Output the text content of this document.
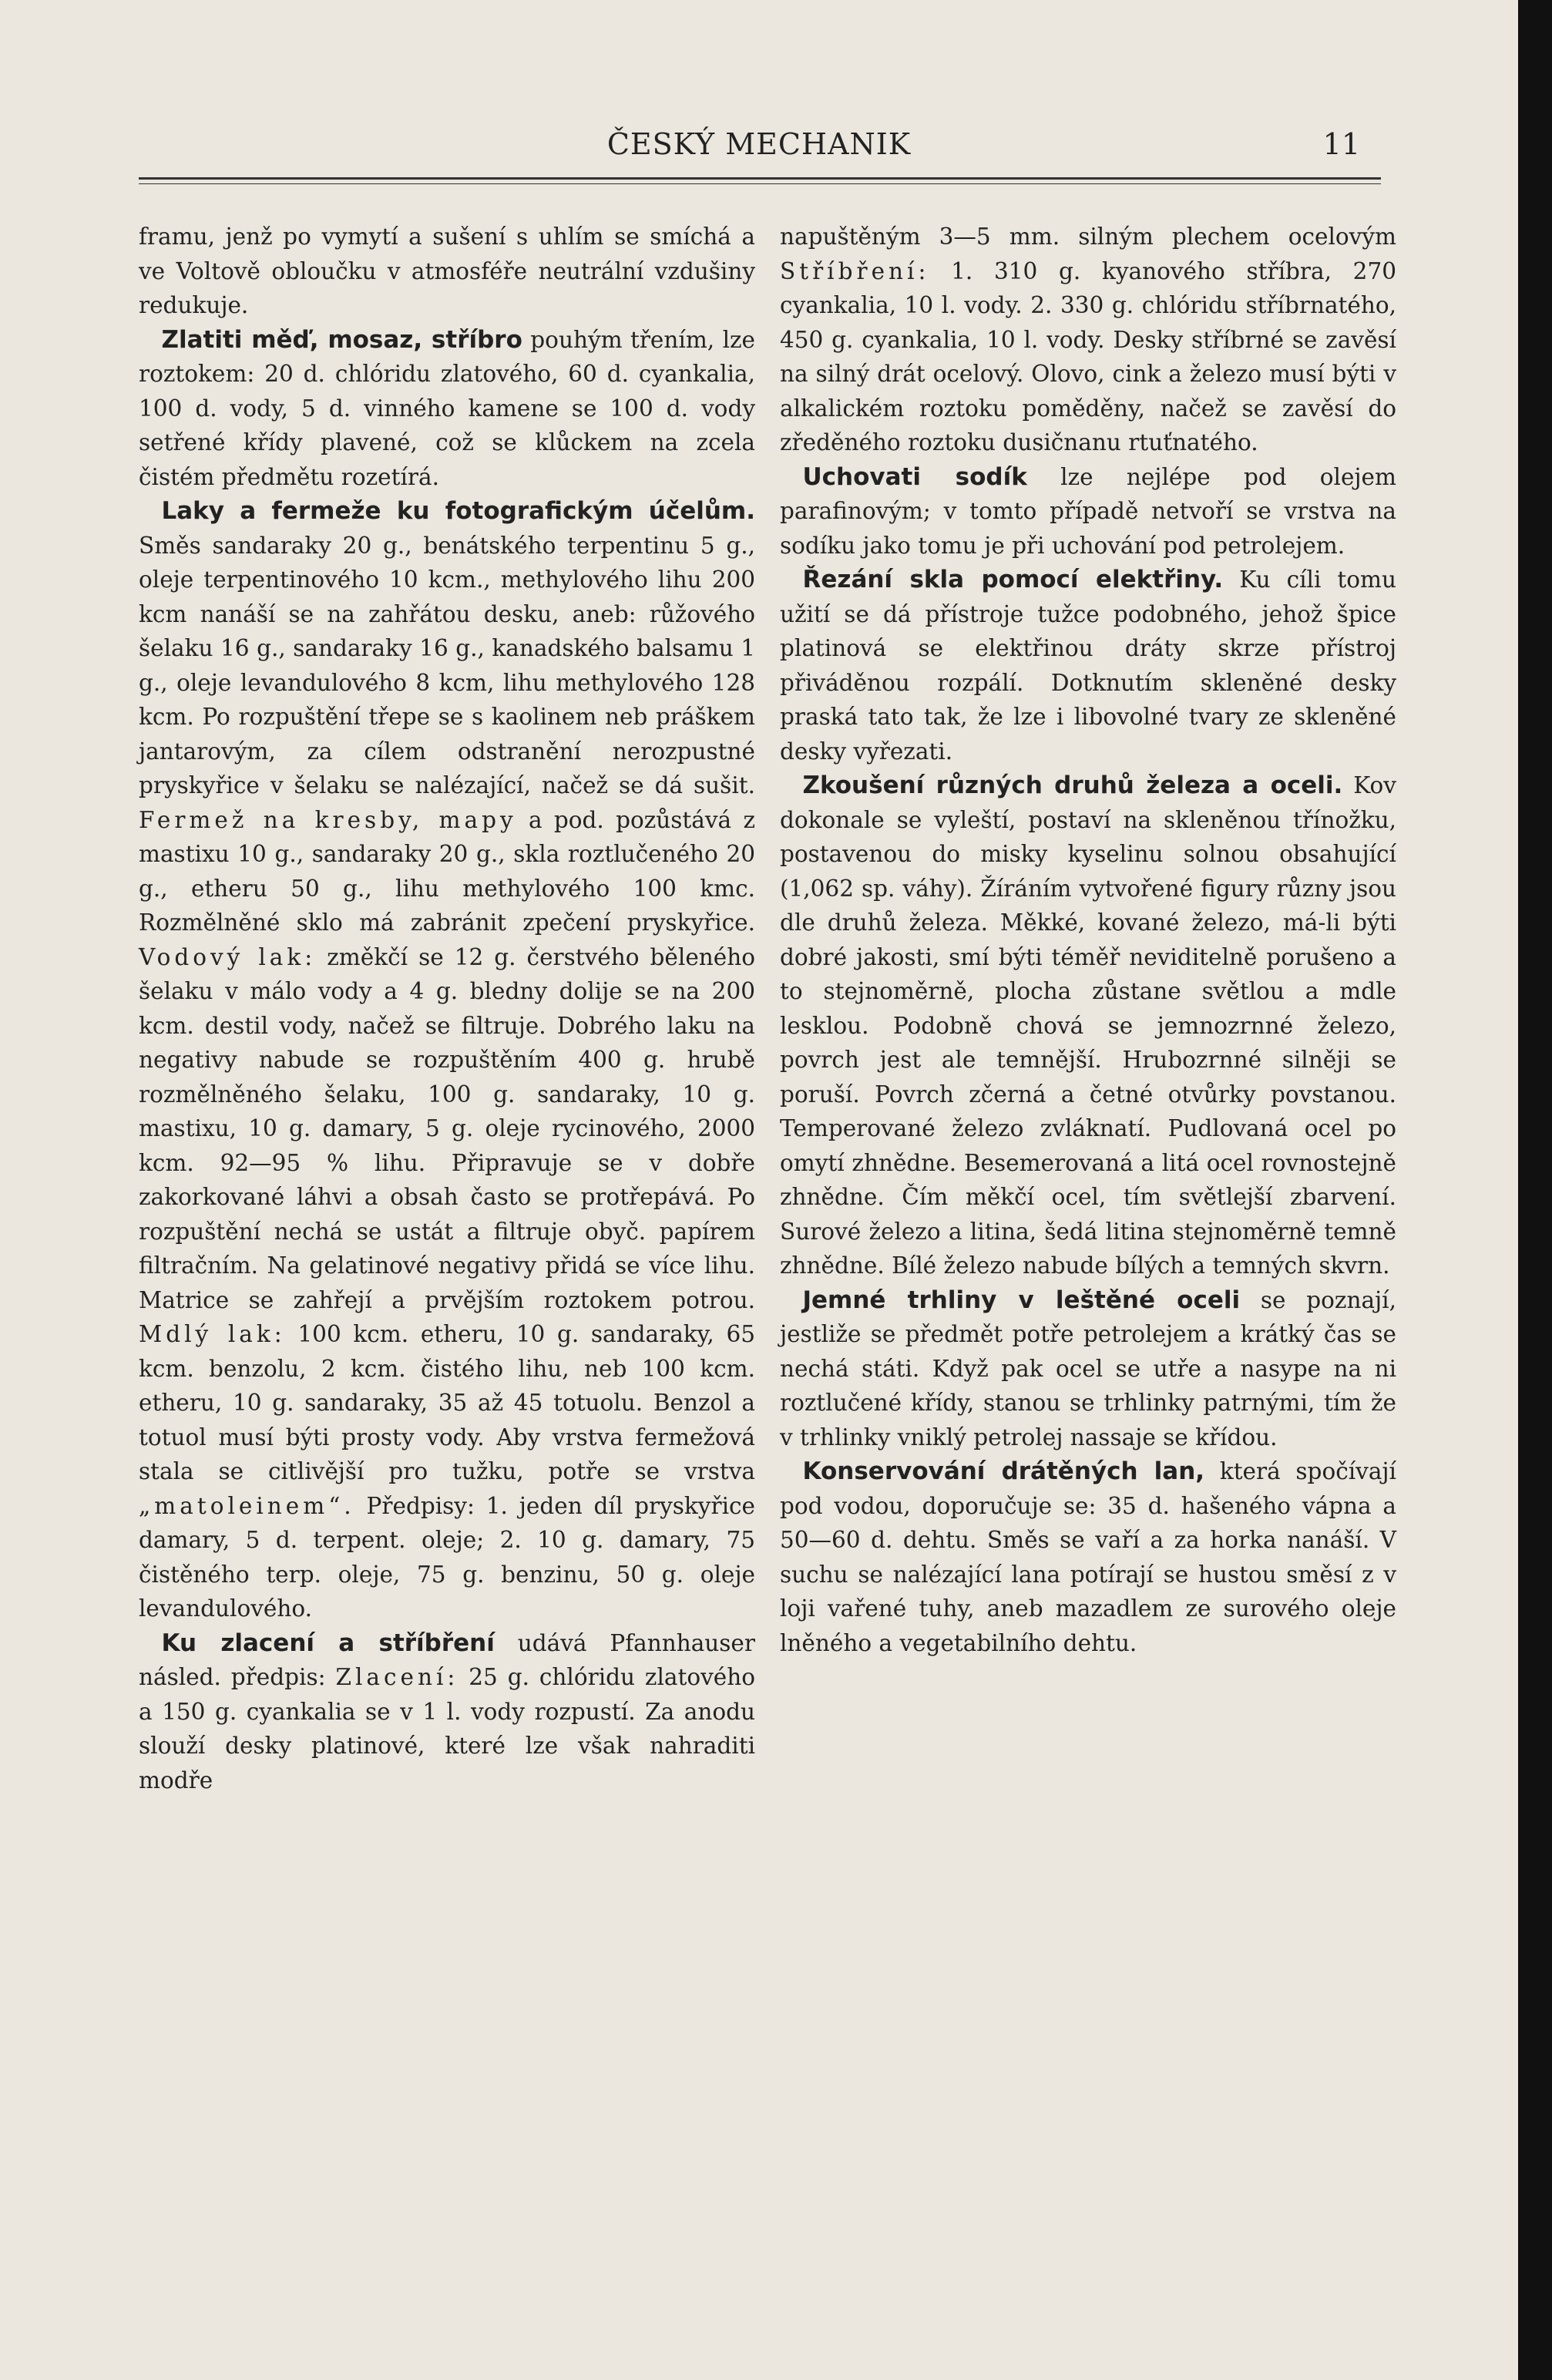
ČESKÝ MECHANIK	11

framu, jenž po vymytí a sušení s uhlím se smíchá a ve Voltově obloučku v atmosféře neutrální vzdušiny redukuje.

 Zlatiti měď, mosaz, stříbro pouhým třením, lze roztokem: 20 d. chlóridu zlatového, 60 d. cyankalia, 100 d. vody, 5 d. vinného kamene se 100 d. vody setřené křídy plavené, což se klůckem na zcela čistém předmětu rozetírá.

 Laky a fermeže ku fotografickým účelům. Směs sandaraky 20 g., benátského terpentinu 5 g., oleje terpentinového 10 kcm., methylového lihu 200 kcm nanáší se na zahřátou desku, aneb: růžového šelaku 16 g., sandaraky 16 g., kanadského balsamu 1 g., oleje levandulového 8 kcm, lihu methylového 128 kcm. Po rozpuštění třepe se s kaolinem neb práškem jantarovým, za cílem odstranění nerozpustné pryskyřice v šelaku se nalézající, načež se dá sušit. Fermež na kresby, mapy a pod. pozůstává z mastixu 10 g., sandaraky 20 g., skla roztlučeného 20 g., etheru 50 g., lihu methylového 100 kmc. Rozmělněné sklo má zabránit zpečení pryskyřice. Vodový lak: změkčí se 12 g. čerstvého běleného šelaku v málo vody a 4 g. bledny dolije se na 200 kcm. destil vody, načež se filtruje. Dobrého laku na negativy nabude se rozpuštěním 400 g. hrubě rozmělněného šelaku, 100 g. sandaraky, 10 g. mastixu, 10 g. damary, 5 g. oleje rycinového, 2000 kcm. 92—95 % lihu. Připravuje se v dobře zakorkované láhvi a obsah často se protřepává. Po rozpuštění nechá se ustát a filtruje obyč. papírem filtračním. Na gelatinové negativy přidá se více lihu. Matrice se zahřejí a prvějším roztokem potrou. Mdlý lak: 100 kcm. etheru, 10 g. sandaraky, 65 kcm. benzolu, 2 kcm. čistého lihu, neb 100 kcm. etheru, 10 g. sandaraky, 35 až 45 totuolu. Benzol a totuol musí býti prosty vody. Aby vrstva fermežová stala se citlivější pro tužku, potře se vrstva „matoleinem“. Předpisy: 1. jeden díl pryskyřice damary, 5 d. terpent. oleje; 2. 10 g. damary, 75 čistěného terp. oleje, 75 g. benzinu, 50 g. oleje levandulového.

 Ku zlacení a stříbření udává Pfannhauser násled. předpis: Zlacení: 25 g. chlóridu zlatového a 150 g. cyankalia se v 1 l. vody rozpustí. Za anodu slouží desky platinové, které lze však nahraditi modře

napuštěným 3—5 mm. silným plechem ocelovým Stříbření: 1. 310 g. kyanového stříbra, 270 cyankalia, 10 l. vody. 2. 330 g. chlóridu stříbrnatého, 450 g. cyankalia, 10 l. vody. Desky stříbrné se zavěsí na silný drát ocelový. Olovo, cink a železo musí býti v alkalickém roztoku poměděny, načež se zavěsí do zředěného roztoku dusičnanu rtuťnatého.

 Uchovati sodík lze nejlépe pod olejem parafinovým; v tomto případě netvoří se vrstva na sodíku jako tomu je při uchování pod petrolejem.

 Řezání skla pomocí elektřiny. Ku cíli tomu užití se dá přístroje tužce podobného, jehož špice platinová se elektřinou dráty skrze přístroj přiváděnou rozpálí. Dotknutím skleněné desky praská tato tak, že lze i libovolné tvary ze skleněné desky vyřezati.

 Zkoušení různých druhů železa a oceli. Kov dokonale se vyleští, postaví na skleněnou třínožku, postavenou do misky kyselinu solnou obsahující (1,062 sp. váhy). Žíráním vytvořené figury různy jsou dle druhů železa. Měkké, kované železo, má-li býti dobré jakosti, smí býti téměř neviditelně porušeno a to stejnoměrně, plocha zůstane světlou a mdle lesklou. Podobně chová se jemnozrnné železo, povrch jest ale temnější. Hrubozrnné silněji se poruší. Povrch zčerná a četné otvůrky povstanou. Temperované železo zvláknatí. Pudlovaná ocel po omytí zhnědne. Besemerovaná a litá ocel rovnostejně zhnědne. Čím měkčí ocel, tím světlejší zbarvení. Surové železo a litina, šedá litina stejnoměrně temně zhnědne. Bílé železo nabude bílých a temných skvrn.

 Jemné trhliny v leštěné oceli se poznají, jestliže se předmět potře petrolejem a krátký čas se nechá státi. Když pak ocel se utře a nasype na ni roztlučené křídy, stanou se trhlinky patrnými, tím že v trhlinky vniklý petrolej nassaje se křídou.

 Konservování drátěných lan, která spočívají pod vodou, doporučuje se: 35 d. hašeného vápna a 50—60 d. dehtu. Směs se vaří a za horka nanáší. V suchu se nalézající lana potírají se hustou směsí z v loji vařené tuhy, aneb mazadlem ze surového oleje lněného a vegetabilního dehtu.
